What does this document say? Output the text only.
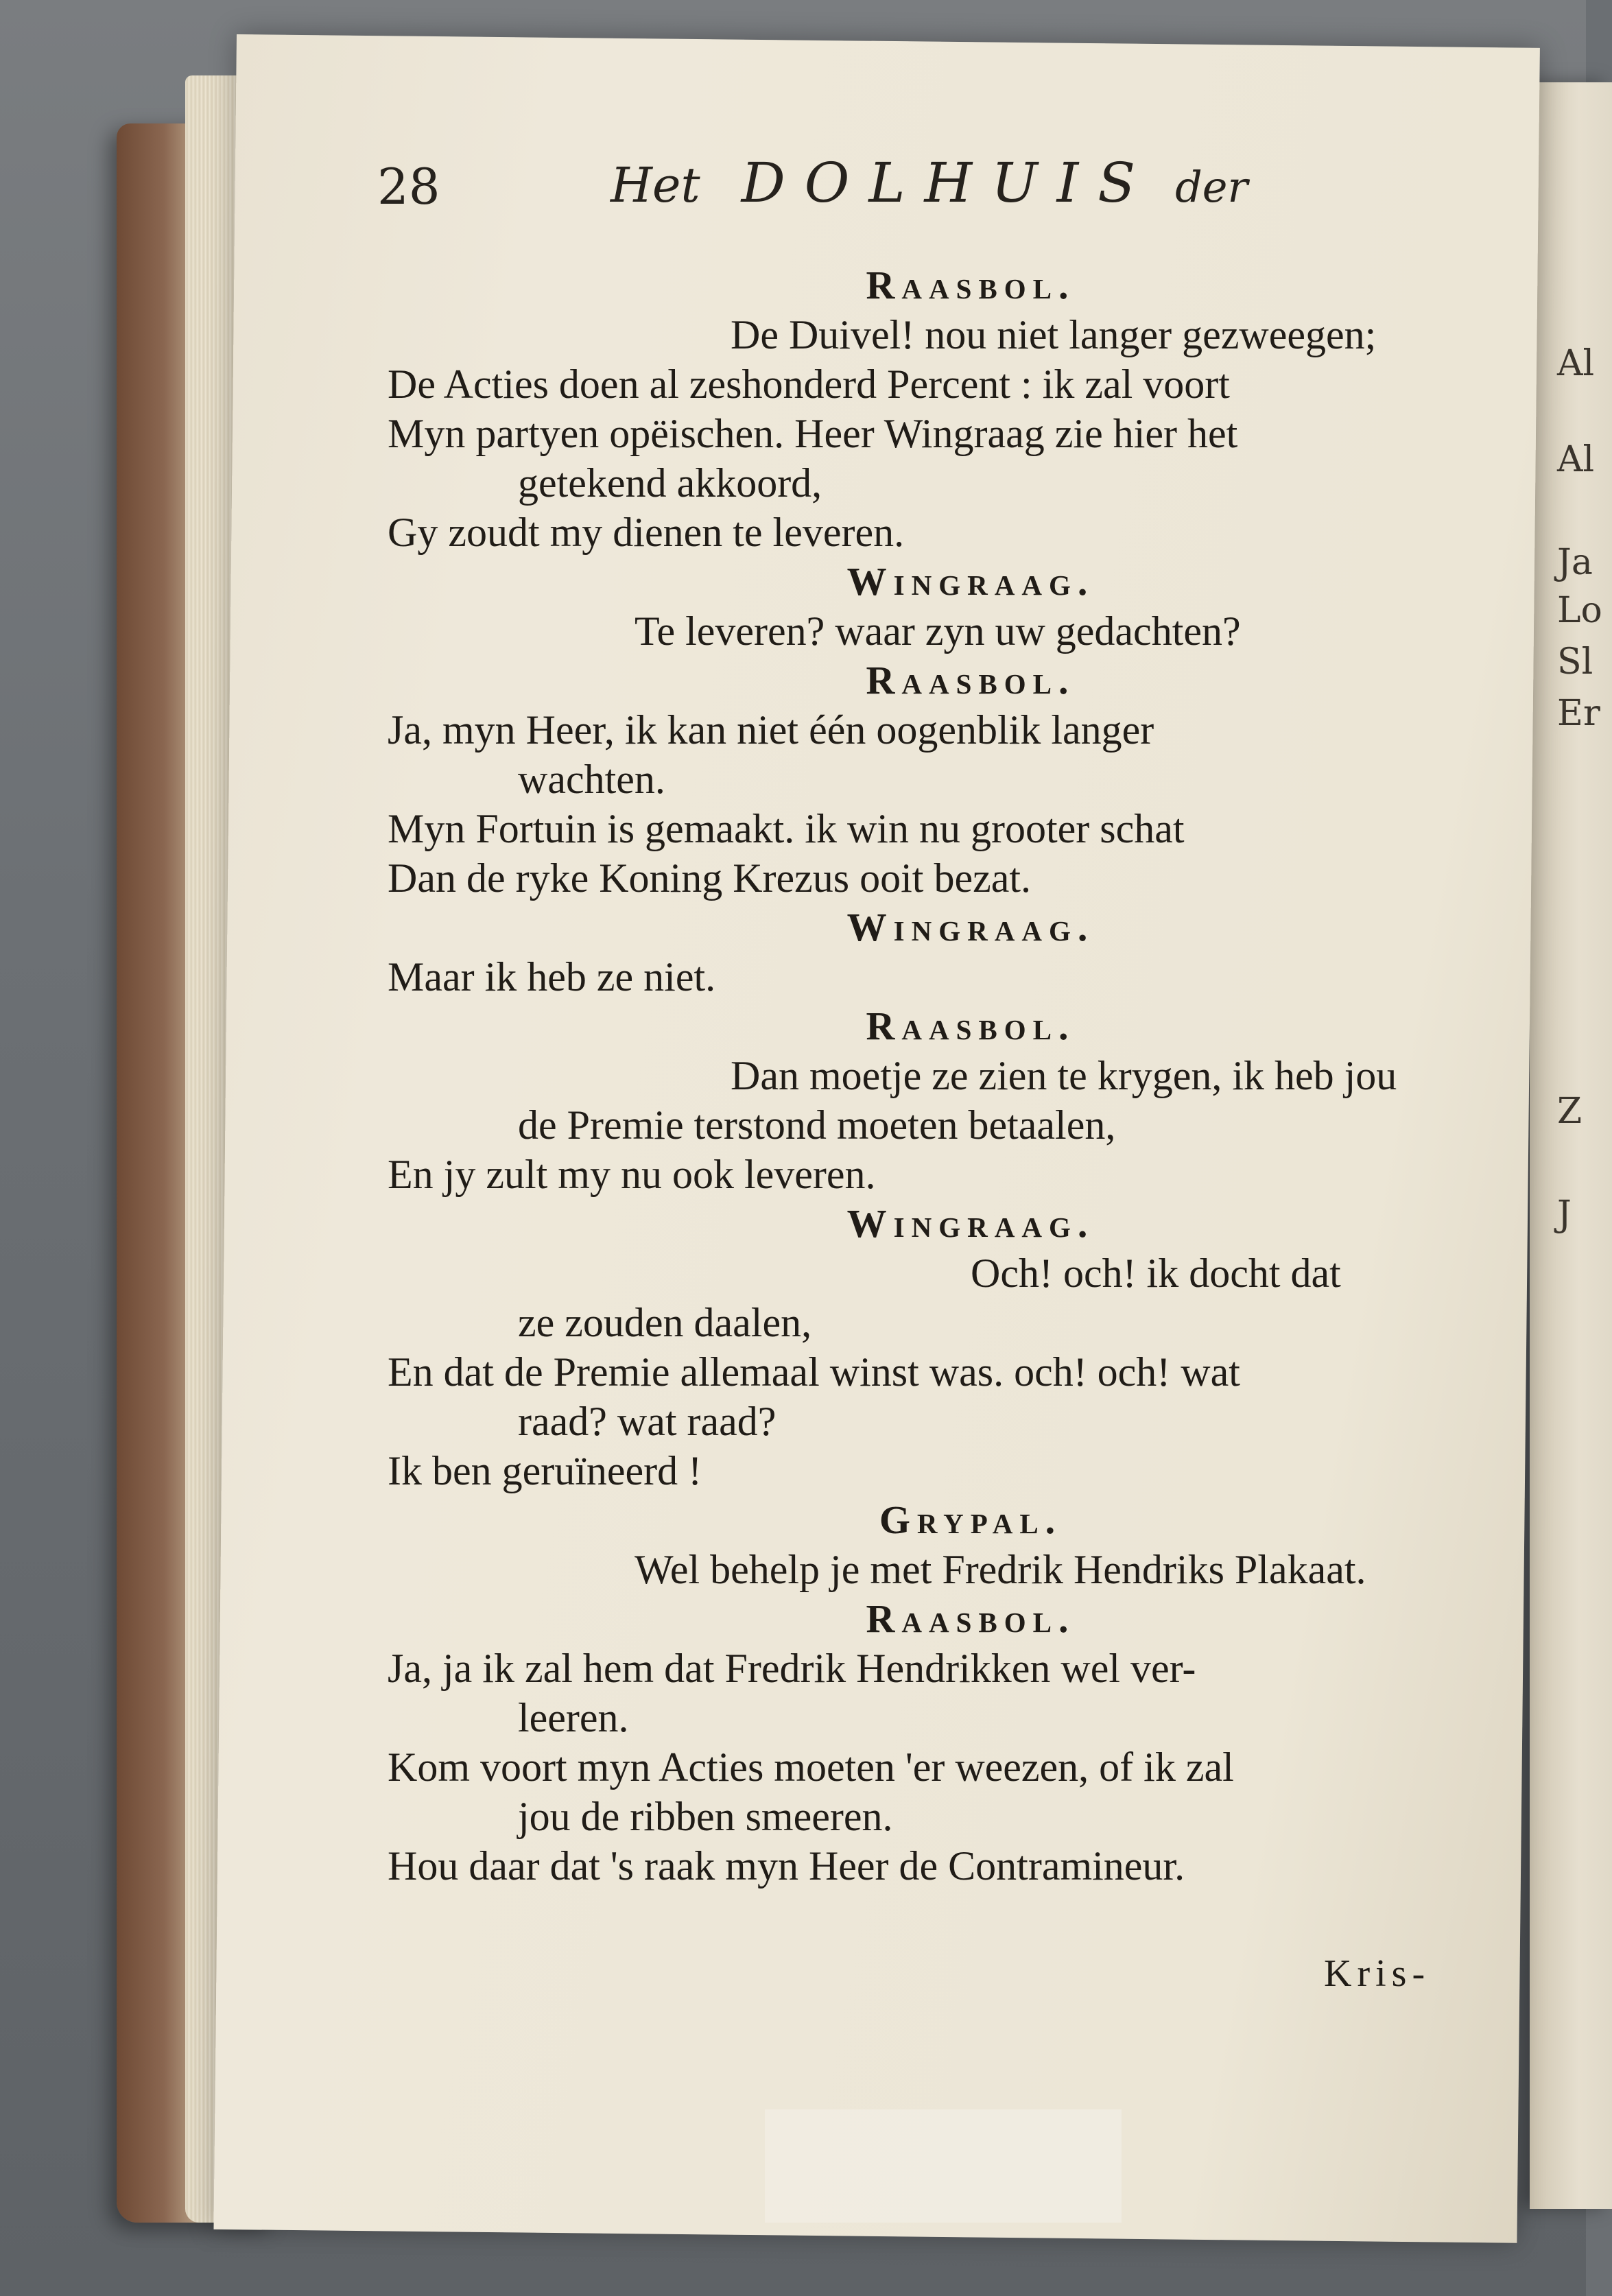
Al
Al
Ja
Lo
Sl
Er
Z
J
28	Het DOLHUIS der
Raasbol.
De Duivel! nou niet langer gezweegen;
De Acties doen al zeshonderd Percent : ik zal voort
Myn partyen opëischen. Heer Wingraag zie hier het
getekend akkoord,
Gy zoudt my dienen te leveren.
Wingraag.
Te leveren? waar zyn uw gedachten?
Raasbol.
Ja, myn Heer, ik kan niet één oogenblik langer
wachten.
Myn Fortuin is gemaakt. ik win nu grooter schat
Dan de ryke Koning Krezus ooit bezat.
Wingraag.
Maar ik heb ze niet.
Raasbol.
Dan moetje ze zien te krygen, ik heb jou
de Premie terstond moeten betaalen,
En jy zult my nu ook leveren.
Wingraag.
Och! och! ik docht dat
ze zouden daalen,
En dat de Premie allemaal winst was. och! och! wat
raad? wat raad?
Ik ben geruïneerd !
Grypal.
Wel behelp je met Fredrik Hendriks Plakaat.
Raasbol.
Ja, ja ik zal hem dat Fredrik Hendrikken wel ver-
leeren.
Kom voort myn Acties moeten 'er weezen, of ik zal
jou de ribben smeeren.
Hou daar dat 's raak myn Heer de Contramineur.
Kris-
